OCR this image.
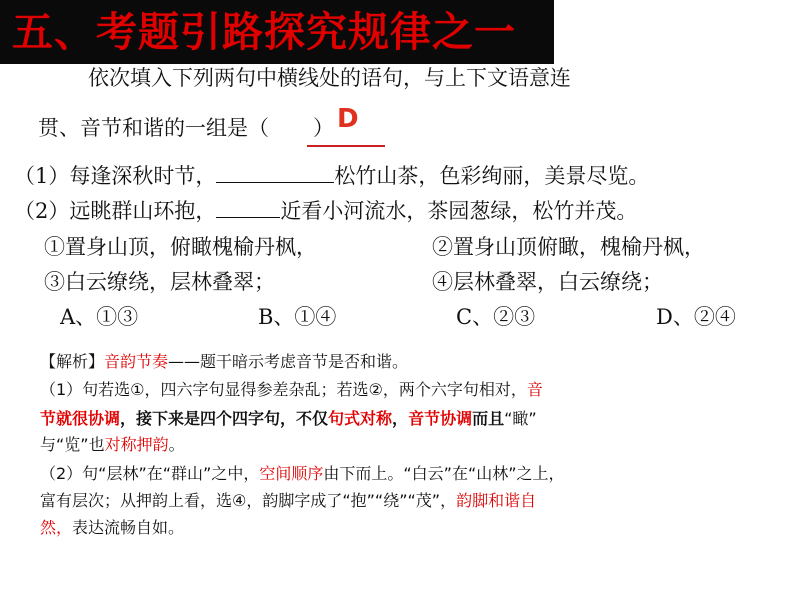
五、考题引路探究规律之一
依次填入下列两句中横线处的语句，与上下文语意连
贯、音节和谐的一组是（ ） D
（1）每逢深秋时节，	松竹山茶，色彩绚丽，美景尽览。
（2）远眺群山环抱，	近看小河流水，茶园葱绿，松竹并茂。
①置身山顶，俯瞰槐榆丹枫，	②置身山顶俯瞰，槐榆丹枫，
③白云缭绕，层林叠翠；	④层林叠翠，白云缭绕；
A、①③	B、①④	C、②③	D、②④
【解析】音韵节奏——题干暗示考虑音节是否和谐。
（1）句若选①，四六字句显得参差杂乱；若选②，两个六字句相对，音
节就很协调，接下来是四个四字句，不仅句式对称，音节协调而且“瞰”
与“览”也对称押韵。
（2）句“层林”在“群山”之中，空间顺序由下而上。“白云”在“山林”之上，
富有层次；从押韵上看，选④，韵脚字成了“抱”“绕”“茂”，韵脚和谐自
然，表达流畅自如。
